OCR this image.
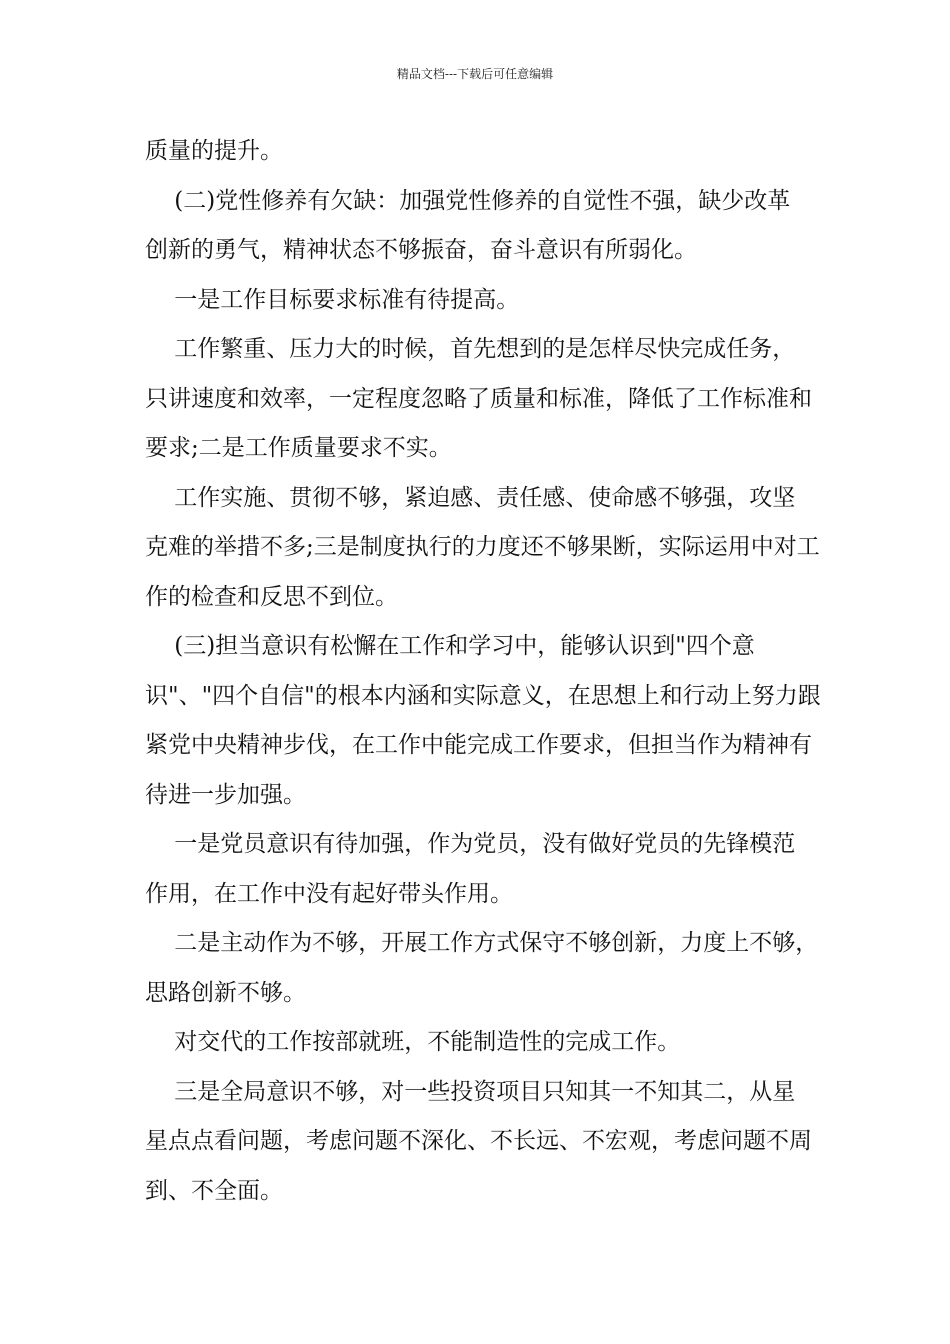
精品文档---下载后可任意编辑
质量的提升。
(二)党性修养有欠缺：加强党性修养的自觉性不强，缺少改革
创新的勇气，精神状态不够振奋，奋斗意识有所弱化。
一是工作目标要求标准有待提高。
工作繁重、压力大的时候，首先想到的是怎样尽快完成任务，
只讲速度和效率，一定程度忽略了质量和标准，降低了工作标准和
要求;二是工作质量要求不实。
工作实施、贯彻不够，紧迫感、责任感、使命感不够强，攻坚
克难的举措不多;三是制度执行的力度还不够果断，实际运用中对工
作的检查和反思不到位。
(三)担当意识有松懈在工作和学习中，能够认识到"四个意
识"、"四个自信"的根本内涵和实际意义，在思想上和行动上努力跟
紧党中央精神步伐，在工作中能完成工作要求，但担当作为精神有
待进一步加强。
一是党员意识有待加强，作为党员，没有做好党员的先锋模范
作用，在工作中没有起好带头作用。
二是主动作为不够，开展工作方式保守不够创新，力度上不够，
思路创新不够。
对交代的工作按部就班，不能制造性的完成工作。
三是全局意识不够，对一些投资项目只知其一不知其二，从星
星点点看问题，考虑问题不深化、不长远、不宏观，考虑问题不周
到、不全面。
